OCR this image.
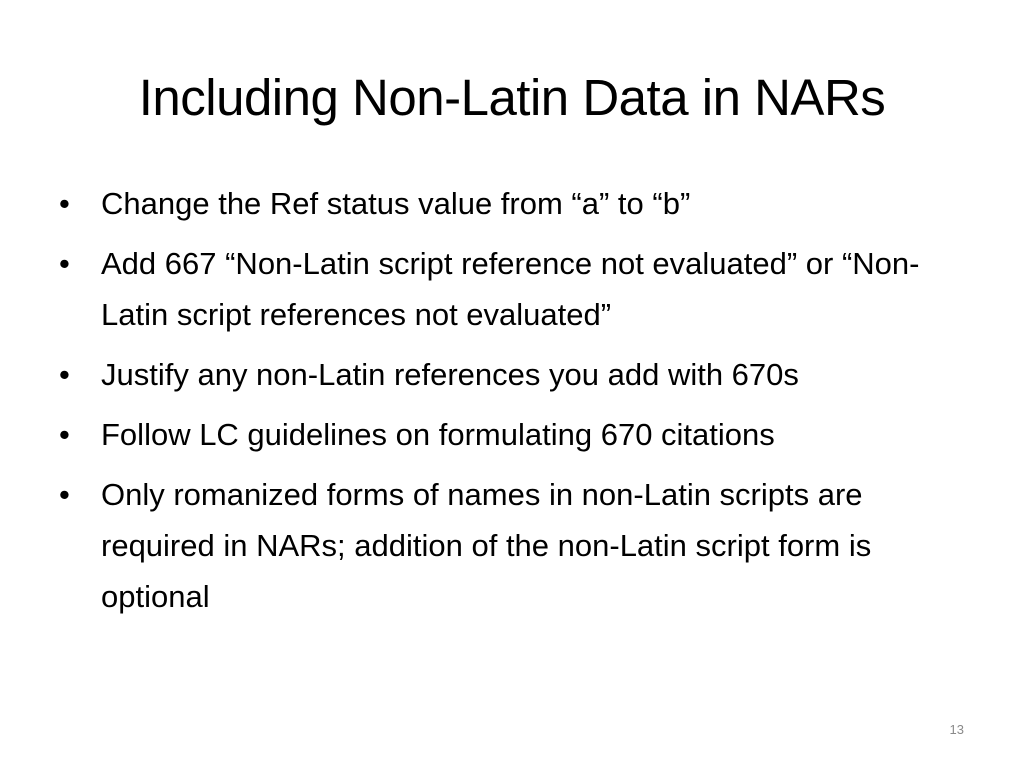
Including Non-Latin Data in NARs
• Change the Ref status value from “a” to “b”
• Add 667 “Non-Latin script reference not evaluated” or “Non-Latin script references not evaluated”
• Justify any non-Latin references you add with 670s
• Follow LC guidelines on formulating 670 citations
• Only romanized forms of names in non-Latin scripts are required in NARs; addition of the non-Latin script form is optional
13
